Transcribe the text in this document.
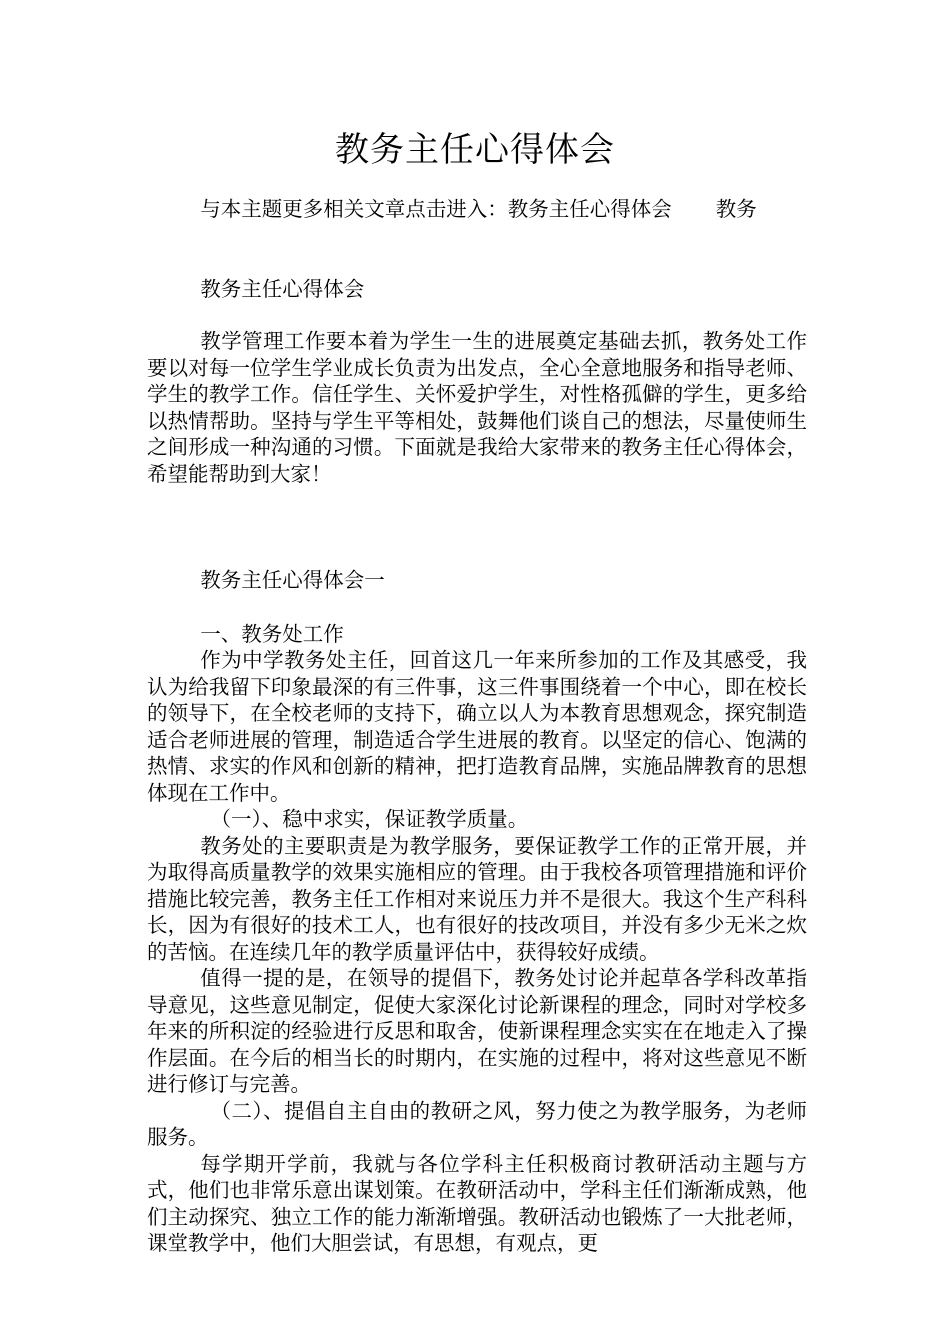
教务主任心得体会

与本主题更多相关文章点击进入：教务主任心得体会 教务

教务主任心得体会

教学管理工作要本着为学生一生的进展奠定基础去抓，教务处工作要以对每一位学生学业成长负责为出发点，全心全意地服务和指导老师、学生的教学工作。信任学生、关怀爱护学生，对性格孤僻的学生，更多给以热情帮助。坚持与学生平等相处，鼓舞他们谈自己的想法，尽量使师生之间形成一种沟通的习惯。下面就是我给大家带来的教务主任心得体会，希望能帮助到大家！

教务主任心得体会一

一、教务处工作

作为中学教务处主任，回首这几一年来所参加的工作及其感受，我认为给我留下印象最深的有三件事，这三件事围绕着一个中心，即在校长的领导下，在全校老师的支持下，确立以人为本教育思想观念，探究制造适合老师进展的管理，制造适合学生进展的教育。以坚定的信心、饱满的热情、求实的作风和创新的精神，把打造教育品牌，实施品牌教育的思想体现在工作中。

（一）、稳中求实，保证教学质量。

教务处的主要职责是为教学服务，要保证教学工作的正常开展，并为取得高质量教学的效果实施相应的管理。由于我校各项管理措施和评价措施比较完善，教务主任工作相对来说压力并不是很大。我这个生产科科长，因为有很好的技术工人，也有很好的技改项目，并没有多少无米之炊的苦恼。在连续几年的教学质量评估中，获得较好成绩。

值得一提的是，在领导的提倡下，教务处讨论并起草各学科改革指导意见，这些意见制定，促使大家深化讨论新课程的理念，同时对学校多年来的所积淀的经验进行反思和取舍，使新课程理念实实在在地走入了操作层面。在今后的相当长的时期内，在实施的过程中，将对这些意见不断进行修订与完善。

（二）、提倡自主自由的教研之风，努力使之为教学服务，为老师服务。

每学期开学前，我就与各位学科主任积极商讨教研活动主题与方式，他们也非常乐意出谋划策。在教研活动中，学科主任们渐渐成熟，他们主动探究、独立工作的能力渐渐增强。教研活动也锻炼了一大批老师，课堂教学中，他们大胆尝试，有思想，有观点，更
